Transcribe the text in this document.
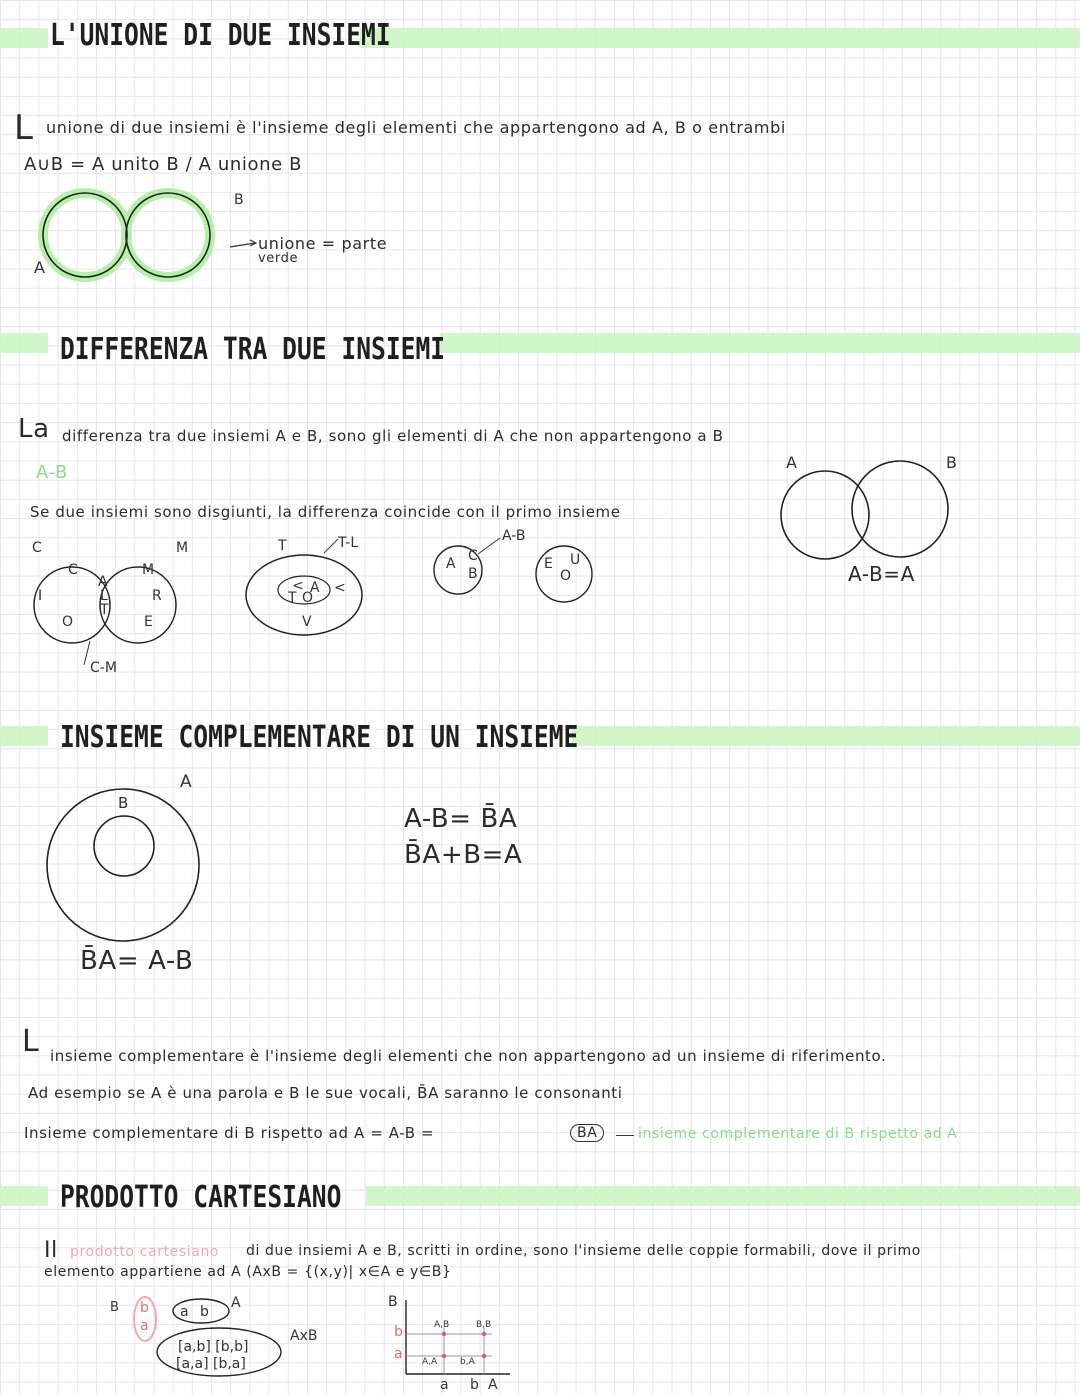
L'UNIONE DI DUE INSIEMI
L unione di due insiemi è l'insieme degli elementi che appartengono ad A, B o entrambi
A∪B = A unito B / A unione B
A
B
unione = parte
verde
DIFFERENZA TRA DUE INSIEMI
La differenza tra due insiemi A e B, sono gli elementi di A che non appartengono a B
A-B
Se due insiemi sono disgiunti, la differenza coincide con il primo insieme
A	B
A-B=A
C	M
C
I
O
A
L
T
M
R
E
C-M
T	T-L
< A
T O
<
V
A-B
A C
B
E U
O
INSIEME COMPLEMENTARE DI UN INSIEME
A
B
A-B= B̄A
B̄A+B=A
B̄A= A-B
L insieme complementare è l'insieme degli elementi che non appartengono ad un insieme di riferimento.
Ad esempio se A è una parola e B le sue vocali, B̄A saranno le consonanti
Insieme complementare di B rispetto ad A = A-B =	B̄A	insieme complementare di B rispetto ad A
PRODOTTO CARTESIANO
Il prodotto cartesiano di due insiemi A e B, scritti in ordine, sono l'insieme delle coppie formabili, dove il primo
elemento appartiene ad A (AxB = {(x,y)| x∈A e y∈B}
B b
a
A
a b
[a,b] [b,b]
[a,a] [b,a]
AxB
B
b
a
a b A
A,B	B,B
A,A	b,A
